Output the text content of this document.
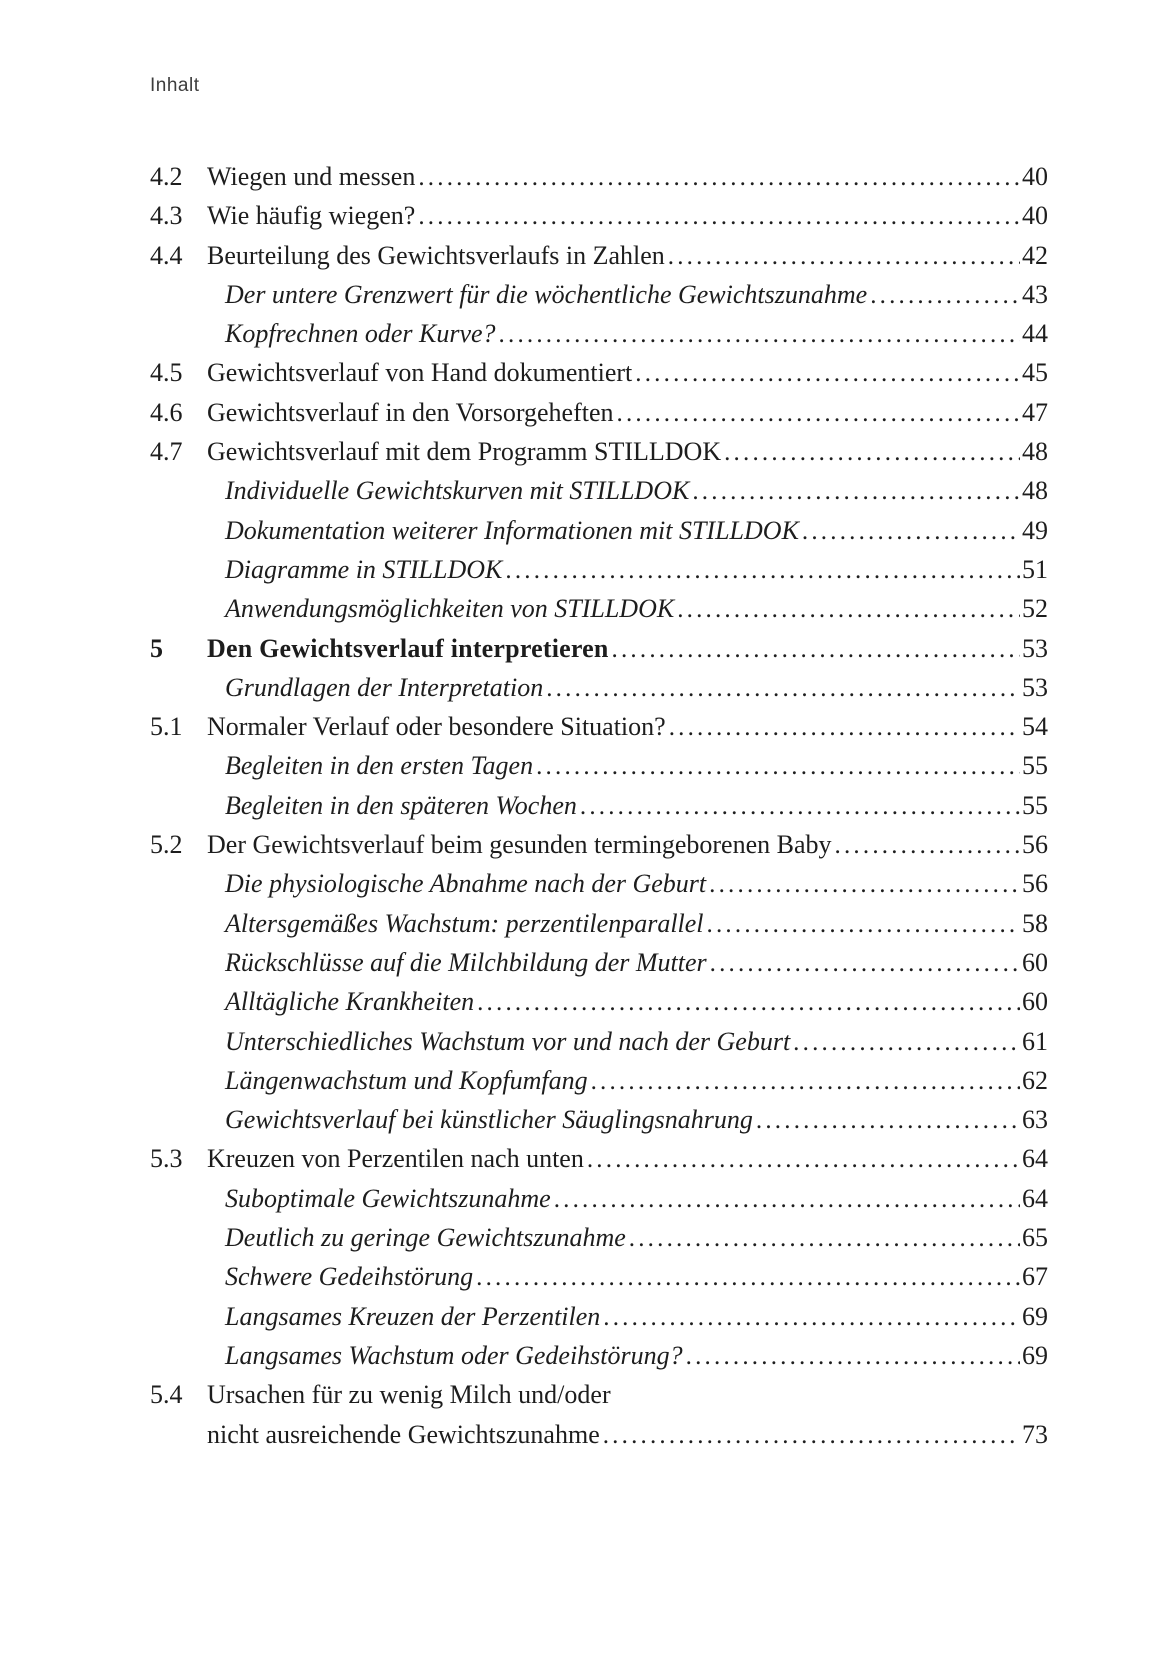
Inhalt
4.2 Wiegen und messen .....	40
4.3 Wie häufig wiegen? .....	40
4.4 Beurteilung des Gewichtsverlaufs in Zahlen .....	42
Der untere Grenzwert für die wöchentliche Gewichtszunahme .....	43
Kopfrechnen oder Kurve? .....	44
4.5 Gewichtsverlauf von Hand dokumentiert .....	45
4.6 Gewichtsverlauf in den Vorsorgeheften .....	47
4.7 Gewichtsverlauf mit dem Programm STILLDOK .....	48
Individuelle Gewichtskurven mit STILLDOK .....	48
Dokumentation weiterer Informationen mit STILLDOK .....	49
Diagramme in STILLDOK .....	51
Anwendungsmöglichkeiten von STILLDOK .....	52
5	Den Gewichtsverlauf interpretieren .....	53
Grundlagen der Interpretation .....	53
5.1 Normaler Verlauf oder besondere Situation? .....	54
Begleiten in den ersten Tagen .....	55
Begleiten in den späteren Wochen .....	55
5.2 Der Gewichtsverlauf beim gesunden termingeborenen Baby .....	56
Die physiologische Abnahme nach der Geburt .....	56
Altersgemäßes Wachstum: perzentilenparallel .....	58
Rückschlüsse auf die Milchbildung der Mutter .....	60
Alltägliche Krankheiten .....	60
Unterschiedliches Wachstum vor und nach der Geburt .....	61
Längenwachstum und Kopfumfang .....	62
Gewichtsverlauf bei künstlicher Säuglingsnahrung .....	63
5.3 Kreuzen von Perzentilen nach unten .....	64
Suboptimale Gewichtszunahme .....	64
Deutlich zu geringe Gewichtszunahme .....	65
Schwere Gedeihstörung .....	67
Langsames Kreuzen der Perzentilen .....	69
Langsames Wachstum oder Gedeihstörung? .....	69
5.4 Ursachen für zu wenig Milch und/oder
nicht ausreichende Gewichtszunahme .....	73
